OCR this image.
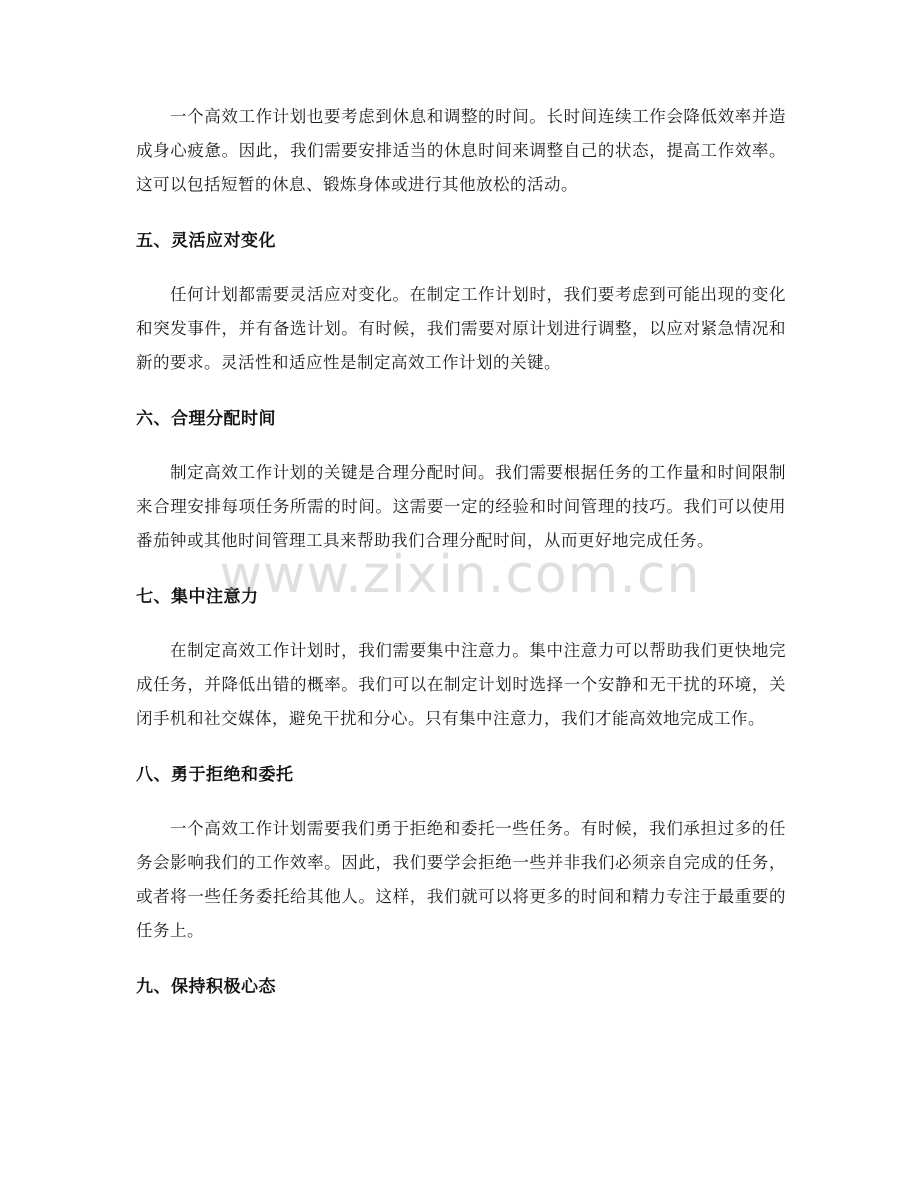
一个高效工作计划也要考虑到休息和调整的时间。长时间连续工作会降低效率并造成身心疲惫。因此，我们需要安排适当的休息时间来调整自己的状态，提高工作效率。这可以包括短暂的休息、锻炼身体或进行其他放松的活动。

五、灵活应对变化

任何计划都需要灵活应对变化。在制定工作计划时，我们要考虑到可能出现的变化和突发事件，并有备选计划。有时候，我们需要对原计划进行调整，以应对紧急情况和新的要求。灵活性和适应性是制定高效工作计划的关键。

六、合理分配时间

制定高效工作计划的关键是合理分配时间。我们需要根据任务的工作量和时间限制来合理安排每项任务所需的时间。这需要一定的经验和时间管理的技巧。我们可以使用番茄钟或其他时间管理工具来帮助我们合理分配时间，从而更好地完成任务。

七、集中注意力

在制定高效工作计划时，我们需要集中注意力。集中注意力可以帮助我们更快地完成任务，并降低出错的概率。我们可以在制定计划时选择一个安静和无干扰的环境，关闭手机和社交媒体，避免干扰和分心。只有集中注意力，我们才能高效地完成工作。

八、勇于拒绝和委托

一个高效工作计划需要我们勇于拒绝和委托一些任务。有时候，我们承担过多的任务会影响我们的工作效率。因此，我们要学会拒绝一些并非我们必须亲自完成的任务，或者将一些任务委托给其他人。这样，我们就可以将更多的时间和精力专注于最重要的任务上。

九、保持积极心态
www.zixin.com.cn
